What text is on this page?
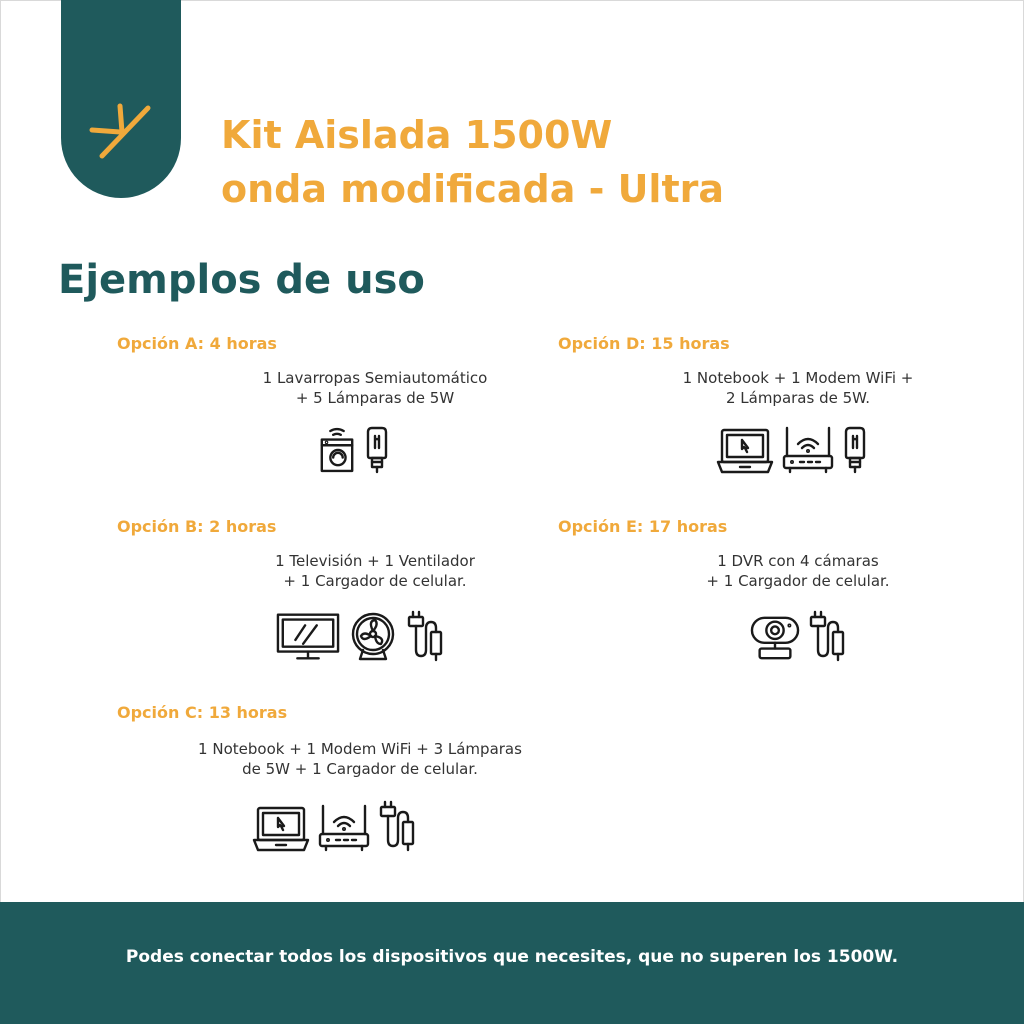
Kit Aislada 1500W
onda modificada - Ultra
Ejemplos de uso
Opción A: 4 horas
1 Lavarropas Semiautomático
+ 5 Lámparas de 5W
Opción D: 15 horas
1 Notebook + 1 Modem WiFi +
2 Lámparas de 5W.
Opción B: 2 horas
1 Televisión + 1 Ventilador
+ 1 Cargador de celular.
Opción E: 17 horas
1 DVR con 4 cámaras
+ 1 Cargador de celular.
Opción C: 13 horas
1 Notebook + 1 Modem WiFi + 3 Lámparas
de 5W + 1 Cargador de celular.
Podes conectar todos los dispositivos que necesites, que no superen los 1500W.
